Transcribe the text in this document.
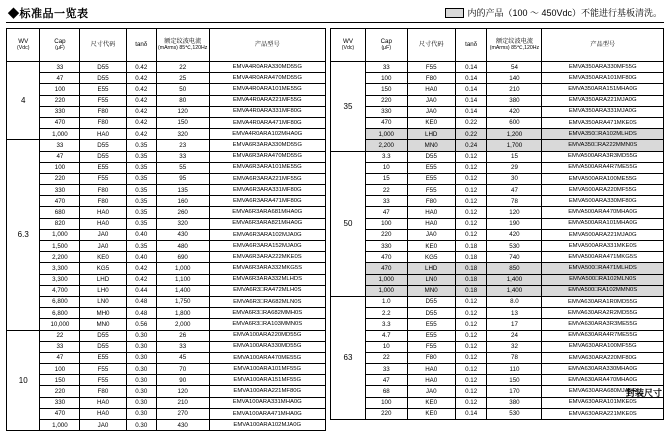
◆标准品一览表	内的产品（100 ～ 450Vdc）不能进行基板清洗。
WV
(Vdc)	Cap
(μF)	尺寸代码	tanδ	额定纹波电流
(mArms) 85℃,120Hz	产品型号
4	33	D55	0.42	22	EMVA4R0ARA330MD55G
	47	D55	0.42	25	EMVA4R0ARA470MD55G
	100	E55	0.42	50	EMVA4R0ARA101ME55G
	220	F55	0.42	80	EMVA4R0ARA221MF55G
	330	F80	0.42	120	EMVA4R0ARA331MF80G
	470	F80	0.42	150	EMVA4R0ARA471MF80G
	1,000	HA0	0.42	320	EMVA4R0ARA102MHA0G
6.3	33	D55	0.35	23	EMVA6R3ARA330MD55G
	47	D55	0.35	33	EMVA6R3ARA470MD55G
	100	E55	0.35	55	EMVA6R3ARA101ME55G
	220	F55	0.35	95	EMVA6R3ARA221MF55G
	330	F80	0.35	135	EMVA6R3ARA331MF80G
	470	F80	0.35	160	EMVA6R3ARA471MF80G
	680	HA0	0.35	260	EMVA6R3ARA681MHA0G
	820	HA0	0.35	320	EMVA6R3ARA821MHA0G
	1,000	JA0	0.40	430	EMVA6R3ARA102MJA0G
	1,500	JA0	0.35	480	EMVA6R3ARA152MJA0G
	2,200	KE0	0.40	690	EMVA6R3ARA222MKE0S
	3,300	KG5	0.42	1,000	EMVA6R3ARA332MKG5S
	3,300	LHD	0.42	1,100	EMVA6R3ARA332MLHDS
	4,700	LH0	0.44	1,400	EMVA6R3□RA472MLH0S
	6,800	LN0	0.48	1,750	EMVA6R3□RA682MLN0S
	6,800	MH0	0.48	1,800	EMVA6R3□RA682MMH0S
	10,000	MN0	0.56	2,000	EMVA6R3□RA103MMN0S
10	22	D55	0.30	26	EMVA100ARA220MD55G
	33	D55	0.30	33	EMVA100ARA330MD55G
	47	E55	0.30	45	EMVA100ARA470ME55G
	100	F55	0.30	70	EMVA100ARA101MF55G
	150	F55	0.30	90	EMVA100ARA151MF55G
	220	F80	0.30	120	EMVA100ARA221MF80G
	330	HA0	0.30	210	EMVA100ARA331MHA0G
	470	HA0	0.30	270	EMVA100ARA471MHA0G
	1,000	JA0	0.30	430	EMVA100ARA102MJA0G
WV
(Vdc)	Cap
(μF)	尺寸代码	tanδ	额定纹波电流
(mArms) 85℃,120Hz	产品型号
35	33	F55	0.14	54	EMVA350ARA330MF55G
	100	F80	0.14	140	EMVA350ARA101MF80G
	150	HA0	0.14	210	EMVA350ARA151MHA0G
	220	JA0	0.14	380	EMVA350ARA221MJA0G
	330	JA0	0.14	420	EMVA350ARA331MJA0G
	470	KE0	0.22	600	EMVA350ARA471MKE0S
	1,000	LHD	0.22	1,200	EMVA350□RA102MLHDS
	2,200	MN0	0.24	1,700	EMVA350□RA222MMN0S
50	3.3	D55	0.12	15	EMVA500ARA3R3MD55G
	10	E55	0.12	29	EMVA500ARA4R7ME55G
	15	E55	0.12	30	EMVA500ARA100ME55G
	22	F55	0.12	47	EMVA500ARA220MF55G
	33	F80	0.12	78	EMVA500ARA330MF80G
	47	HA0	0.12	120	EMVA500ARA470MHA0G
	100	HA0	0.12	190	EMVA500ARA101MHA0G
	220	JA0	0.12	420	EMVA500ARA221MJA0G
	330	KE0	0.18	530	EMVA500ARA331MKE0S
	470	KG5	0.18	740	EMVA500ARA471MKG5S
	470	LHD	0.18	850	EMVA500□RA471MLHDS
	1,000	LN0	0.18	1,400	EMVA500□RA102MLN0S
	1,000	MN0	0.18	1,400	EMVA500□RA102MMN0S
63	1.0	D55	0.12	8.0	EMVA630ARA1R0MD55G
	2.2	D55	0.12	13	EMVA630ARA2R2MD55G
	3.3	E55	0.12	17	EMVA630ARA3R3ME55G
	4.7	E55	0.12	24	EMVA630ARA4R7ME55G
	10	F55	0.12	32	EMVA630ARA100MF55G
	22	F80	0.12	78	EMVA630ARA220MF80G
	33	HA0	0.12	110	EMVA630ARA330MHA0G
	47	HA0	0.12	150	EMVA630ARA470MHA0G
	68	JA0	0.12	170	EMVA630ARA680MJA0G
	100	KE0	0.12	380	EMVA630ARA101MKE0S
	220	KE0	0.14	530	EMVA630ARA221MKE0S
封装尺寸
